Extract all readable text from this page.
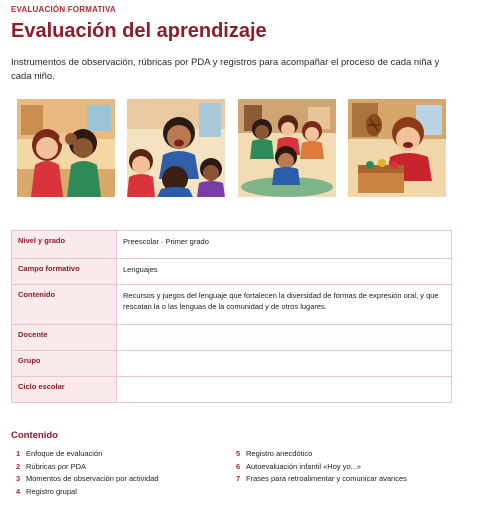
EVALUACIÓN FORMATIVA
Evaluación del aprendizaje

Instrumentos de observación, rúbricas por PDA y registros para acompañar el proceso de cada niña y cada niño.

Nivel y grado	Preescolar · Primer grado
Campo formativo	Lenguajes
Contenido	Recursos y juegos del lenguaje que fortalecen la diversidad de formas de expresión oral, y que rescatan la o las lenguas de la comunidad y de otros lugares.
Docente	
Grupo	
Ciclo escolar	
Contenido
1 Enfoque de evaluación
2 Rúbricas por PDA
3 Momentos de observación por actividad
4 Registro grupal
5 Registro anecdótico
6 Autoevaluación infantil «Hoy yo...»
7 Frases para retroalimentar y comunicar avances
